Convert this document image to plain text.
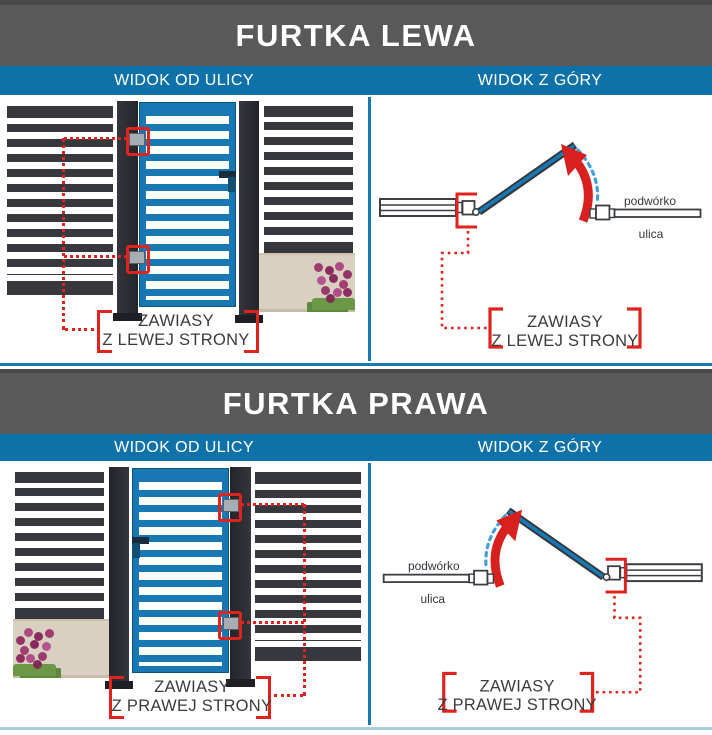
FURTKA LEWA
WIDOK OD ULICY	WIDOK Z GÓRY
ZAWIASY
Z LEWEJ STRONY
podwórko
ulica
ZAWIASY
Z LEWEJ STRONY
FURTKA PRAWA
WIDOK OD ULICY	WIDOK Z GÓRY
ZAWIASY
Z PRAWEJ STRONY
podwórko
ulica
ZAWIASY
Z PRAWEJ STRONY
